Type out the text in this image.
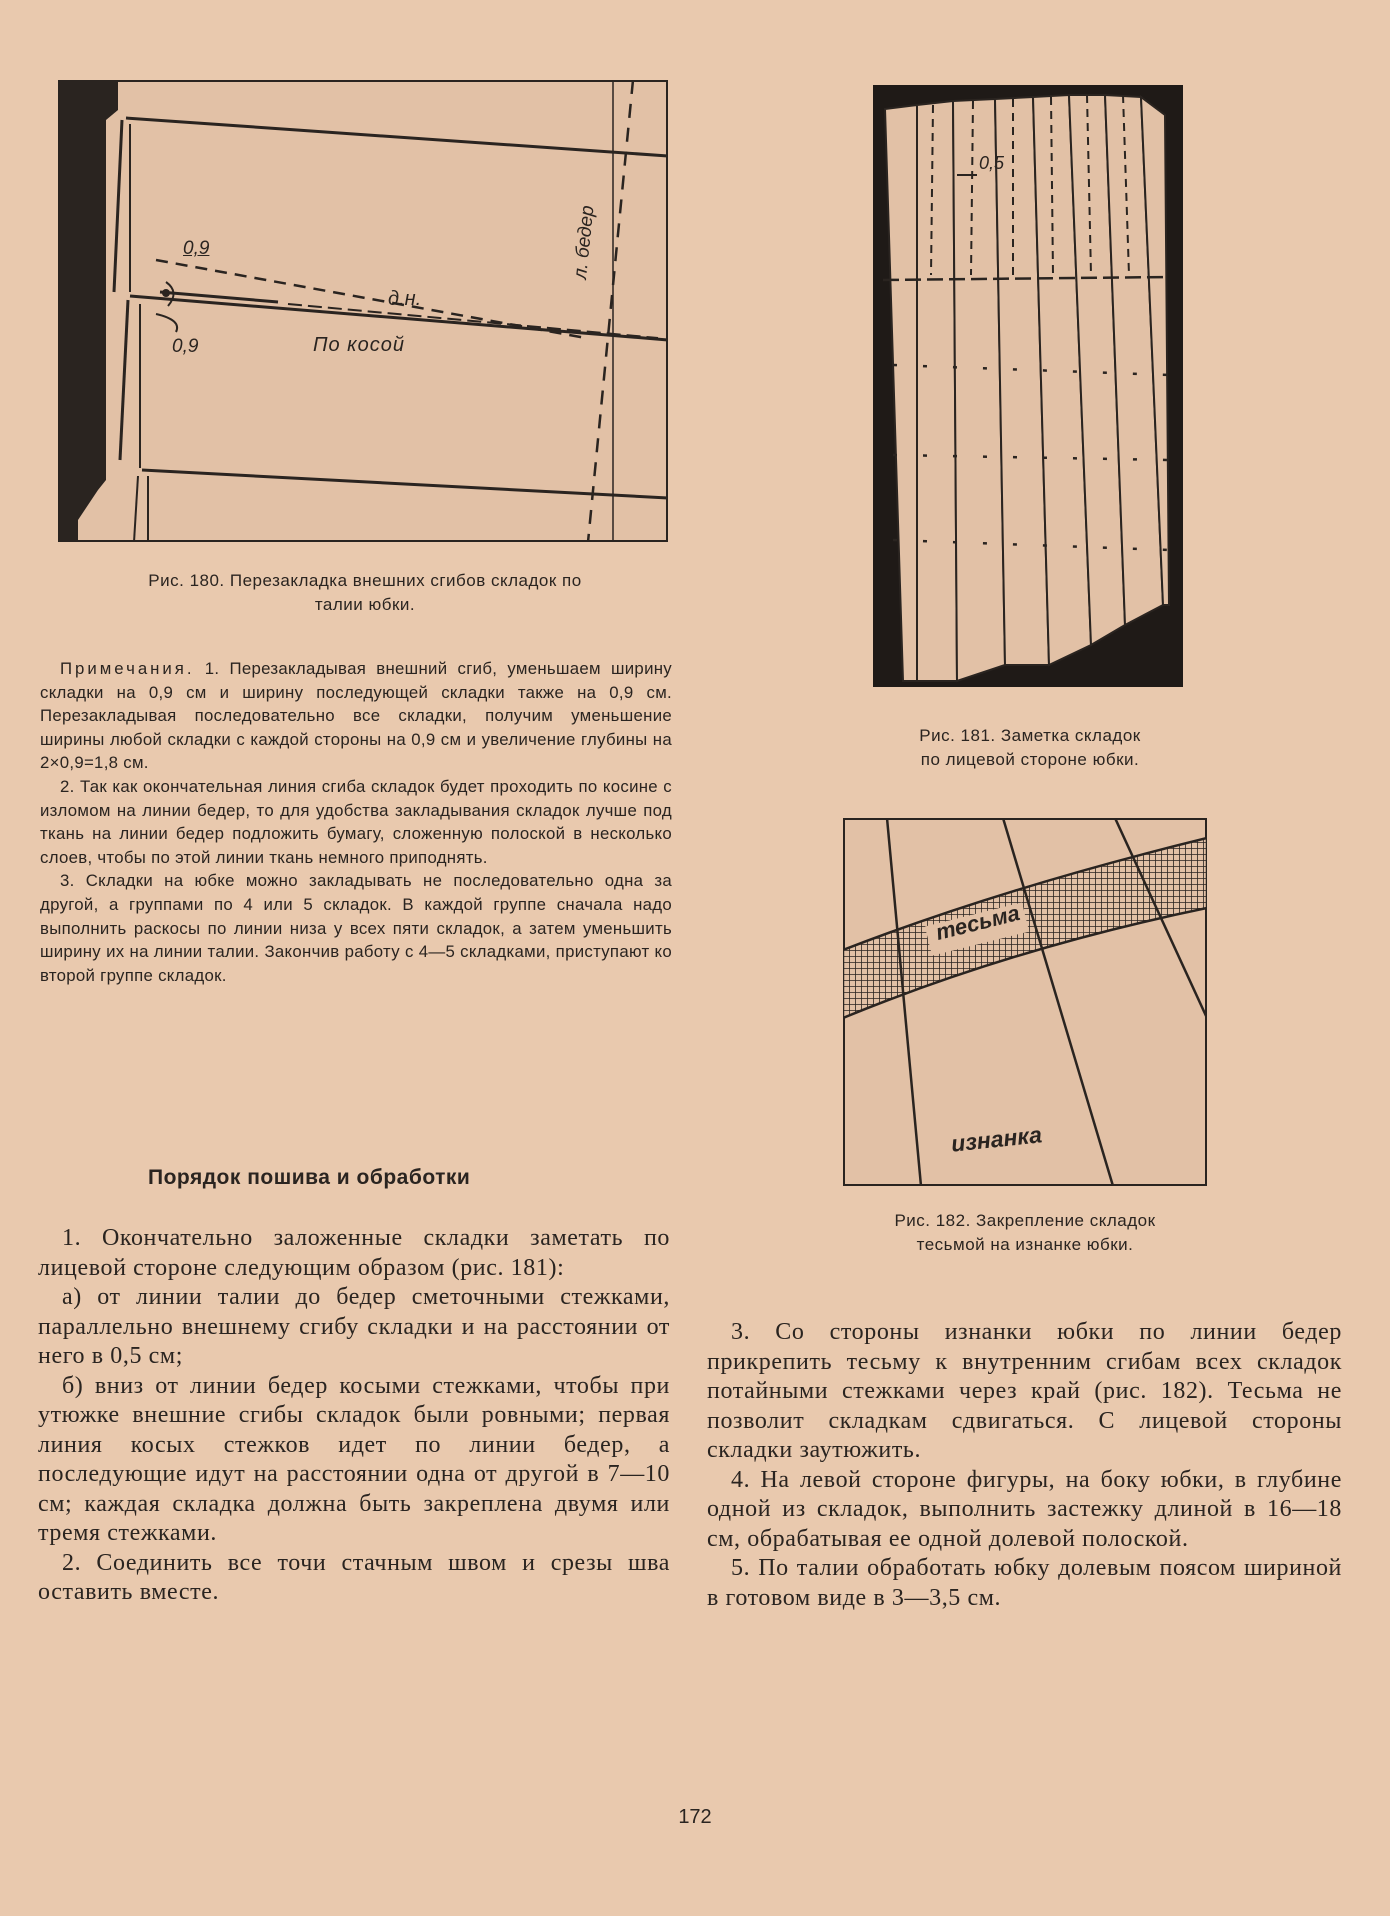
0,9
0,9
д.н.
По косой
л. бедер
Рис. 180. Перезакладка внешних сгибов складок по
талии юбки.
0,5
Рис. 181. Заметка складок
по лицевой стороне юбки.
тесьма
изнанка
Рис. 182. Закрепление складок
тесьмой на изнанке юбки.

Примечания. 1. Перезакладывая внешний сгиб, уменьшаем ширину складки на 0,9 см и ширину последующей складки также на 0,9 см. Перезакладывая последовательно все складки, получим уменьшение ширины любой складки с каждой стороны на 0,9 см и увеличение глубины на 2×0,9=1,8 см.

2. Так как окончательная линия сгиба складок будет проходить по косине с изломом на линии бедер, то для удобства закладывания складок лучше под ткань на линии бедер подложить бумагу, сложенную полоской в несколько слоев, чтобы по этой линии ткань немного приподнять.

3. Складки на юбке можно закладывать не последовательно одна за другой, а группами по 4 или 5 складок. В каждой группе сначала надо выполнить раскосы по линии низа у всех пяти складок, а затем уменьшить ширину их на линии талии. Закончив работу с 4—5 складками, приступают ко второй группе складок.

Порядок пошива и обработки

1. Окончательно заложенные складки заметать по лицевой стороне следующим образом (рис. 181):

а) от линии талии до бедер сметочными стежками, параллельно внешнему сгибу складки и на расстоянии от него в 0,5 см;

б) вниз от линии бедер косыми стежками, чтобы при утюжке внешние сгибы складок были ровными; первая линия косых стежков идет по линии бедер, а последующие идут на расстоянии одна от другой в 7—10 см; каждая складка должна быть закреплена двумя или тремя стежками.

2. Соединить все точи стачным швом и срезы шва оставить вместе.

3. Со стороны изнанки юбки по линии бедер прикрепить тесьму к внутренним сгибам всех складок потайными стежками через край (рис. 182). Тесьма не позволит складкам сдвигаться. С лицевой стороны складки заутюжить.

4. На левой стороне фигуры, на боку юбки, в глубине одной из складок, выполнить застежку длиной в 16—18 см, обрабатывая ее одной долевой полоской.

5. По талии обработать юбку долевым поясом шириной в готовом виде в 3—3,5 см.

172
